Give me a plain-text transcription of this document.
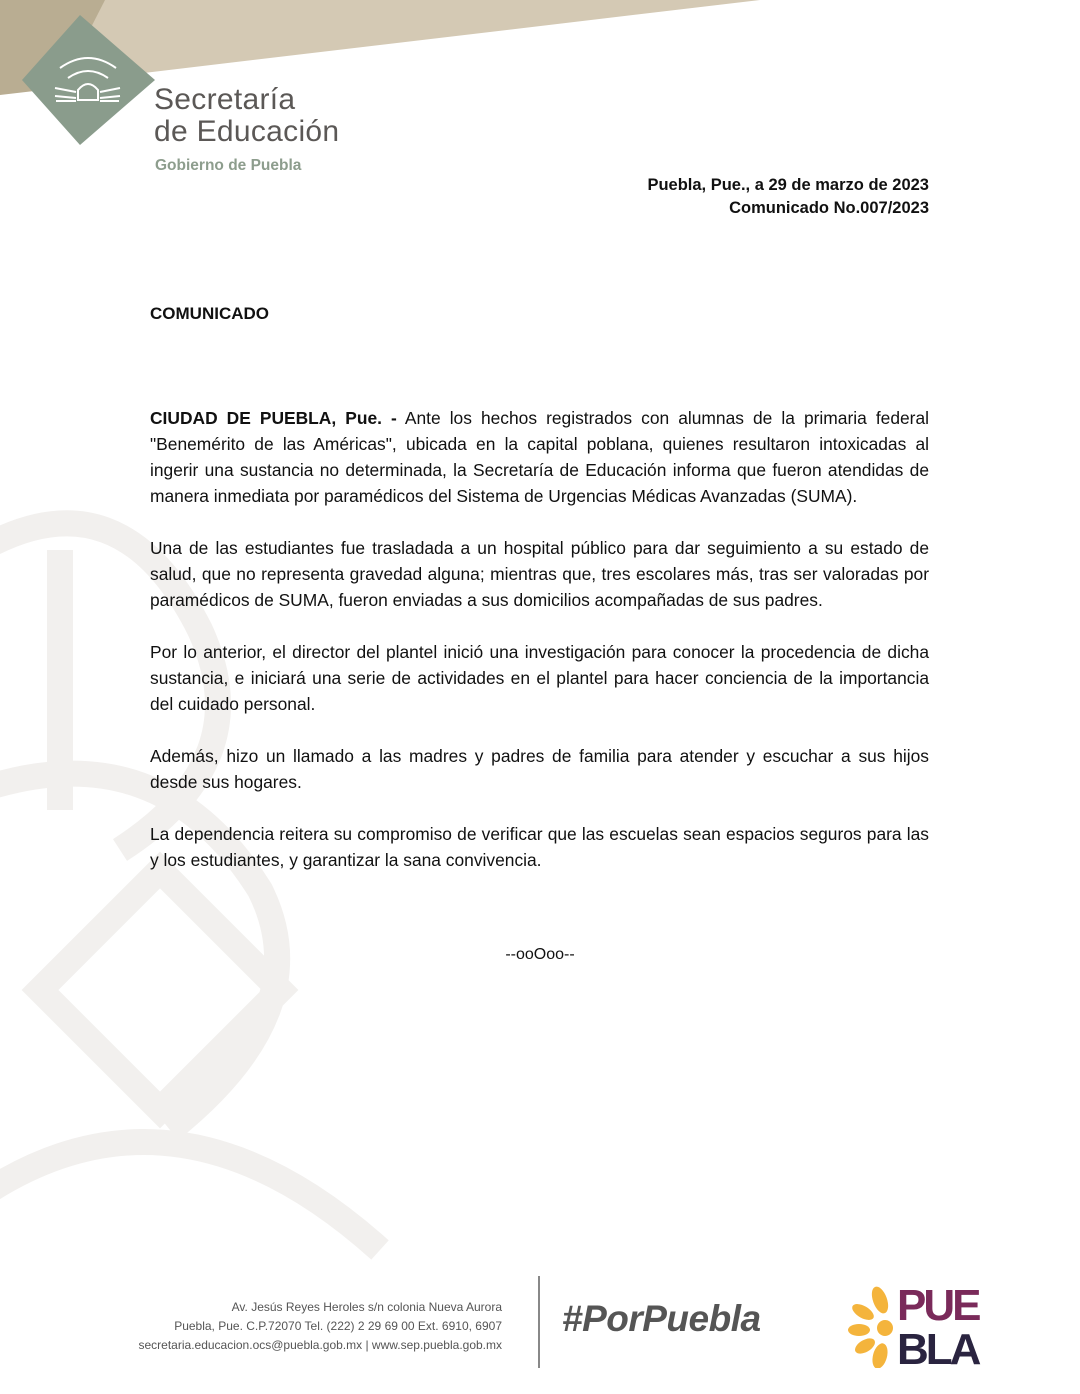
Secretaría
de Educación
Gobierno de Puebla
Puebla, Pue., a 29 de marzo de 2023
Comunicado No.007/2023
COMUNICADO

CIUDAD DE PUEBLA, Pue. - Ante los hechos registrados con alumnas de la primaria federal "Benemérito de las Américas", ubicada en la capital poblana, quienes resultaron intoxicadas al ingerir una sustancia no determinada, la Secretaría de Educación informa que fueron atendidas de manera inmediata por paramédicos del Sistema de Urgencias Médicas Avanzadas (SUMA).

Una de las estudiantes fue trasladada a un hospital público para dar seguimiento a su estado de salud, que no representa gravedad alguna; mientras que, tres escolares más, tras ser valoradas por paramédicos de SUMA, fueron enviadas a sus domicilios acompañadas de sus padres.

Por lo anterior, el director del plantel inició una investigación para conocer la procedencia de dicha sustancia, e iniciará una serie de actividades en el plantel para hacer conciencia de la importancia del cuidado personal.

Además, hizo un llamado a las madres y padres de familia para atender y escuchar a sus hijos desde sus hogares.

La dependencia reitera su compromiso de verificar que las escuelas sean espacios seguros para las y los estudiantes, y garantizar la sana convivencia.

--ooOoo--
Av. Jesús Reyes Heroles s/n colonia Nueva Aurora
Puebla, Pue. C.P.72070 Tel. (222) 2 29 69 00 Ext. 6910, 6907
secretaria.educacion.ocs@puebla.gob.mx | www.sep.puebla.gob.mx
#PorPuebla	PUE
BLA
